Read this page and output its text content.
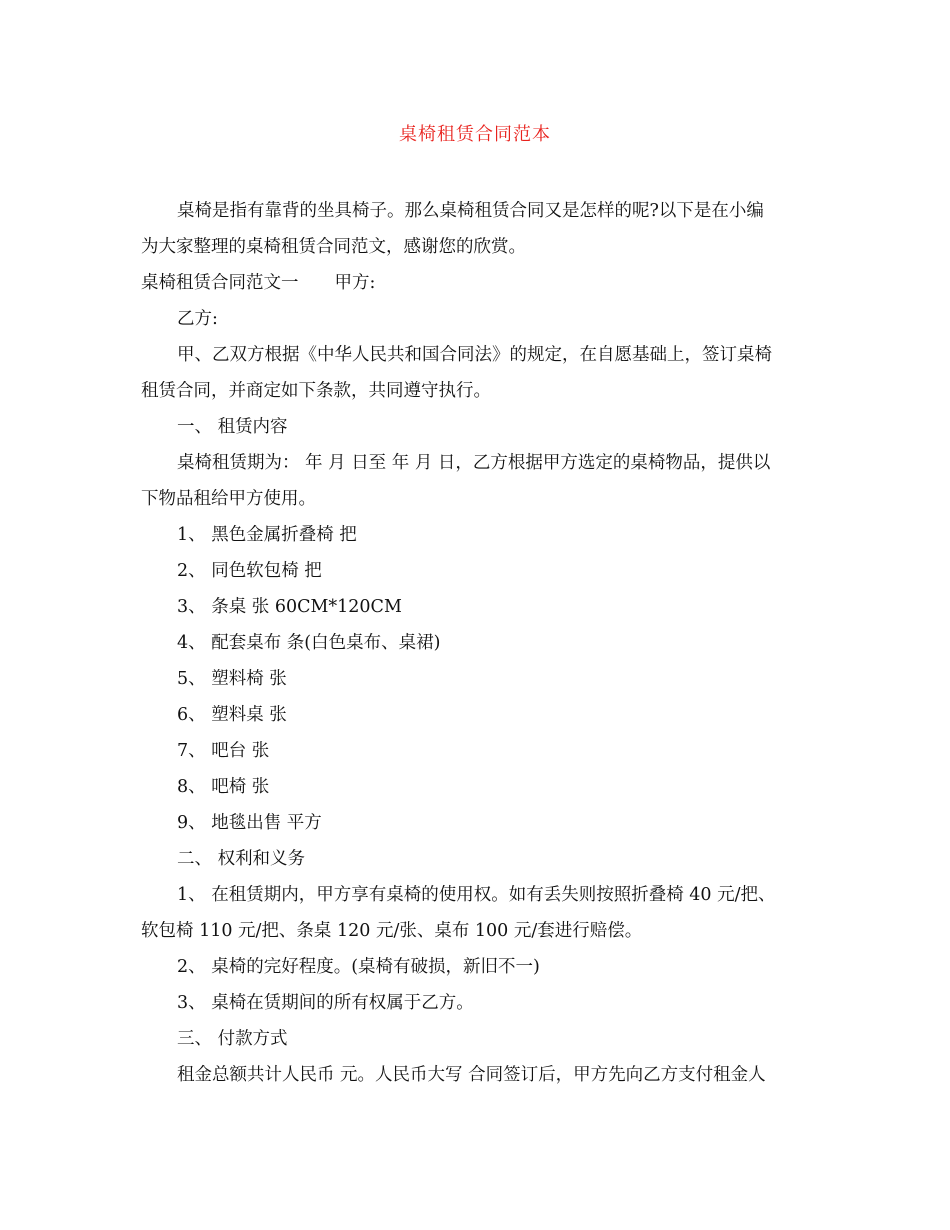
桌椅租赁合同范本

桌椅是指有靠背的坐具椅子。那么桌椅租赁合同又是怎样的呢?以下是在小编

为大家整理的桌椅租赁合同范文，感谢您的欣赏。

桌椅租赁合同范文一 甲方:

乙方:

甲、乙双方根据《中华人民共和国合同法》的规定，在自愿基础上，签订桌椅

租赁合同，并商定如下条款，共同遵守执行。

一、 租赁内容

桌椅租赁期为： 年 月 日至 年 月 日，乙方根据甲方选定的桌椅物品，提供以

下物品租给甲方使用。

1、 黑色金属折叠椅 把

2、 同色软包椅 把

3、 条桌 张 60CM*120CM

4、 配套桌布 条(白色桌布、桌裙)

5、 塑料椅 张

6、 塑料桌 张

7、 吧台 张

8、 吧椅 张

9、 地毯出售 平方

二、 权利和义务

1、 在租赁期内，甲方享有桌椅的使用权。如有丢失则按照折叠椅 40 元/把、

软包椅 110 元/把、条桌 120 元/张、桌布 100 元/套进行赔偿。

2、 桌椅的完好程度。(桌椅有破损，新旧不一)

3、 桌椅在赁期间的所有权属于乙方。

三、 付款方式

租金总额共计人民币 元。人民币大写 合同签订后，甲方先向乙方支付租金人
